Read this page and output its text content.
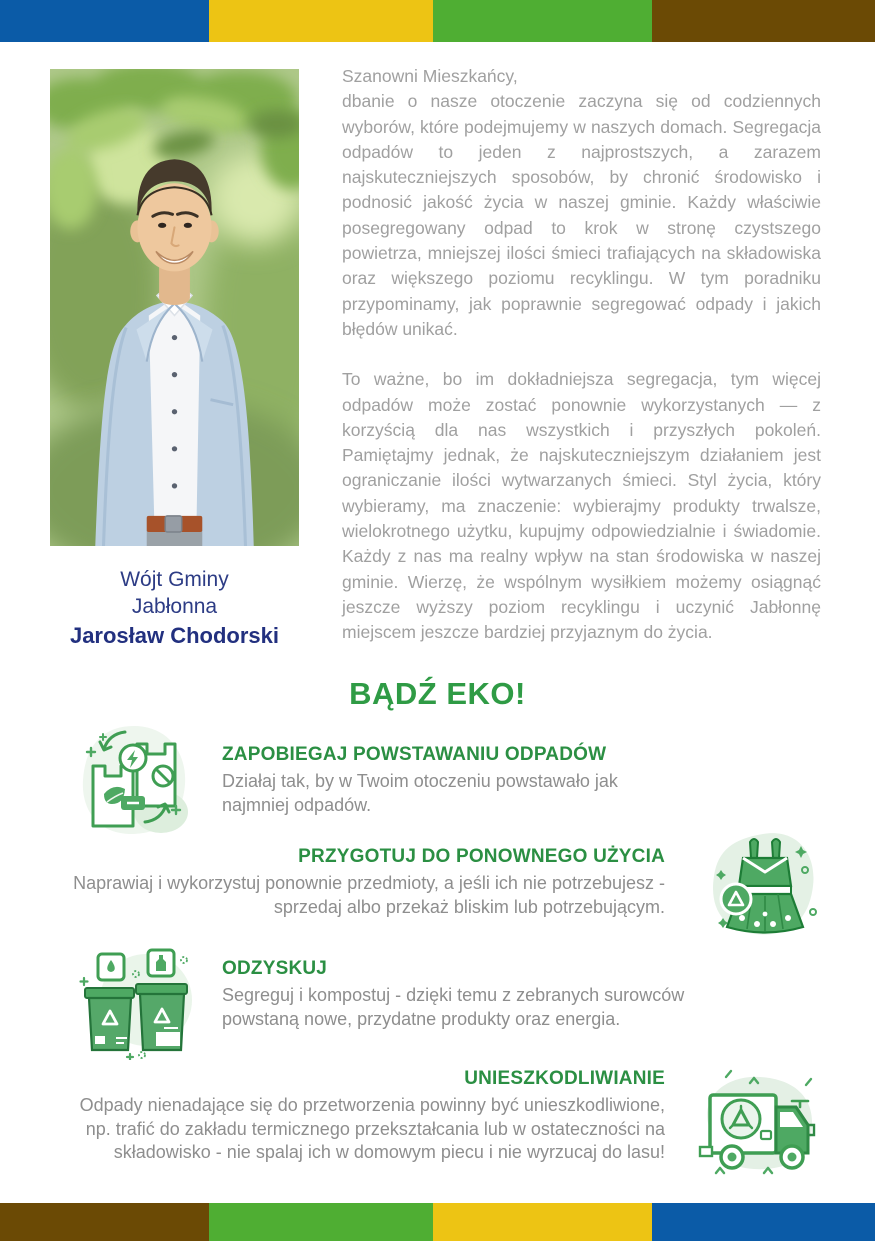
Wójt Gminy
Jabłonna
Jarosław Chodorski
Szanowni Mieszkańcy,

dbanie o nasze otoczenie zaczyna się od codziennych wyborów, które podejmujemy w naszych domach. Segregacja odpadów to jeden z najprostszych, a zarazem najskuteczniejszych sposobów, by chronić środowisko i podnosić jakość życia w naszej gminie. Każdy właściwie posegregowany odpad to krok w stronę czystszego powietrza, mniejszej ilości śmieci trafiających na składowiska oraz większego poziomu recyklingu. W tym poradniku przypominamy, jak poprawnie segregować odpady i jakich błędów unikać.

To ważne, bo im dokładniejsza segregacja, tym więcej odpadów może zostać ponownie wykorzystanych — z korzyścią dla nas wszystkich i przyszłych pokoleń. Pamiętajmy jednak, że najskuteczniejszym działaniem jest ograniczanie ilości wytwarzanych śmieci. Styl życia, który wybieramy, ma znaczenie: wybierajmy produkty trwalsze, wielokrotnego użytku, kupujmy odpowiedzialnie i świadomie. Każdy z nas ma realny wpływ na stan środowiska w naszej gminie. Wierzę, że wspólnym wysiłkiem możemy osiągnąć jeszcze wyższy poziom recyklingu i uczynić Jabłonnę miejscem jeszcze bardziej przyjaznym do życia.

BĄDŹ EKO!
ZAPOBIEGAJ POWSTAWANIU ODPADÓW

Działaj tak, by w Twoim otoczeniu powstawało jak najmniej odpadów.

PRZYGOTUJ DO PONOWNEGO UŻYCIA

Naprawiaj i wykorzystuj ponownie przedmioty, a jeśli ich nie potrzebujesz - sprzedaj albo przekaż bliskim lub potrzebującym.

ODZYSKUJ

Segreguj i kompostuj - dzięki temu z zebranych surowców powstaną nowe, przydatne produkty oraz energia.

UNIESZKODLIWIANIE

Odpady nienadające się do przetworzenia powinny być unieszkodliwione, np. trafić do zakładu termicznego przekształcania lub w ostateczności na składowisko - nie spalaj ich w domowym piecu i nie wyrzucaj do lasu!
